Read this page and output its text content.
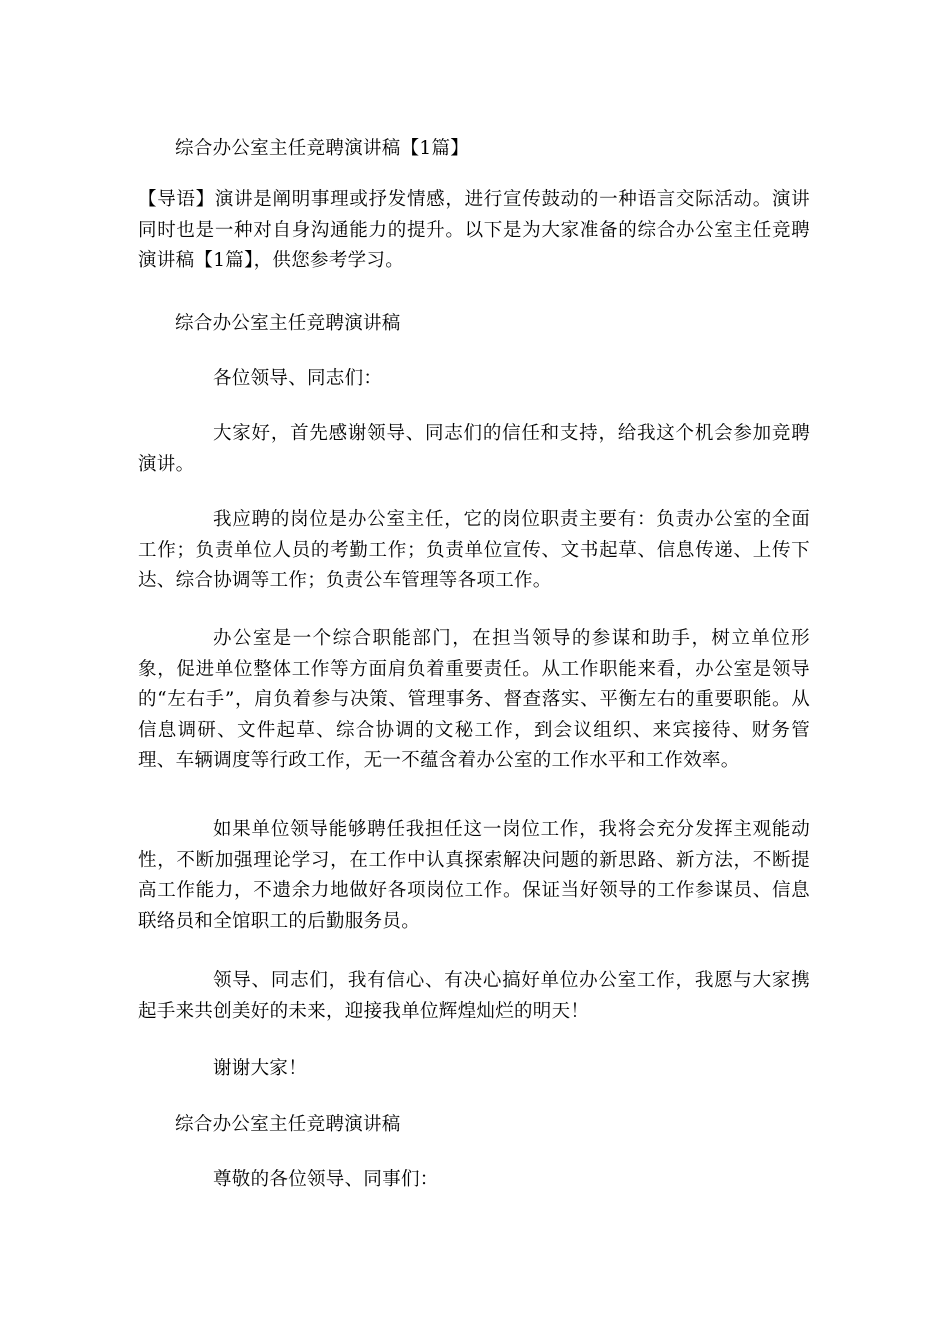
综合办公室主任竞聘演讲稿【1篇】

【导语】演讲是阐明事理或抒发情感，进行宣传鼓动的一种语言交际活动。演讲同时也是一种对自身沟通能力的提升。以下是为大家准备的综合办公室主任竞聘演讲稿【1篇】，供您参考学习。

综合办公室主任竞聘演讲稿

各位领导、同志们：

大家好，首先感谢领导、同志们的信任和支持，给我这个机会参加竞聘演讲。

我应聘的岗位是办公室主任，它的岗位职责主要有：负责办公室的全面工作；负责单位人员的考勤工作；负责单位宣传、文书起草、信息传递、上传下达、综合协调等工作；负责公车管理等各项工作。

办公室是一个综合职能部门，在担当领导的参谋和助手，树立单位形象，促进单位整体工作等方面肩负着重要责任。从工作职能来看，办公室是领导的“左右手”，肩负着参与决策、管理事务、督查落实、平衡左右的重要职能。从信息调研、文件起草、综合协调的文秘工作，到会议组织、来宾接待、财务管理、车辆调度等行政工作，无一不蕴含着办公室的工作水平和工作效率。

如果单位领导能够聘任我担任这一岗位工作，我将会充分发挥主观能动性，不断加强理论学习，在工作中认真探索解决问题的新思路、新方法，不断提高工作能力，不遗余力地做好各项岗位工作。保证当好领导的工作参谋员、信息联络员和全馆职工的后勤服务员。

领导、同志们，我有信心、有决心搞好单位办公室工作，我愿与大家携起手来共创美好的未来，迎接我单位辉煌灿烂的明天！

谢谢大家！

综合办公室主任竞聘演讲稿

尊敬的各位领导、同事们：
